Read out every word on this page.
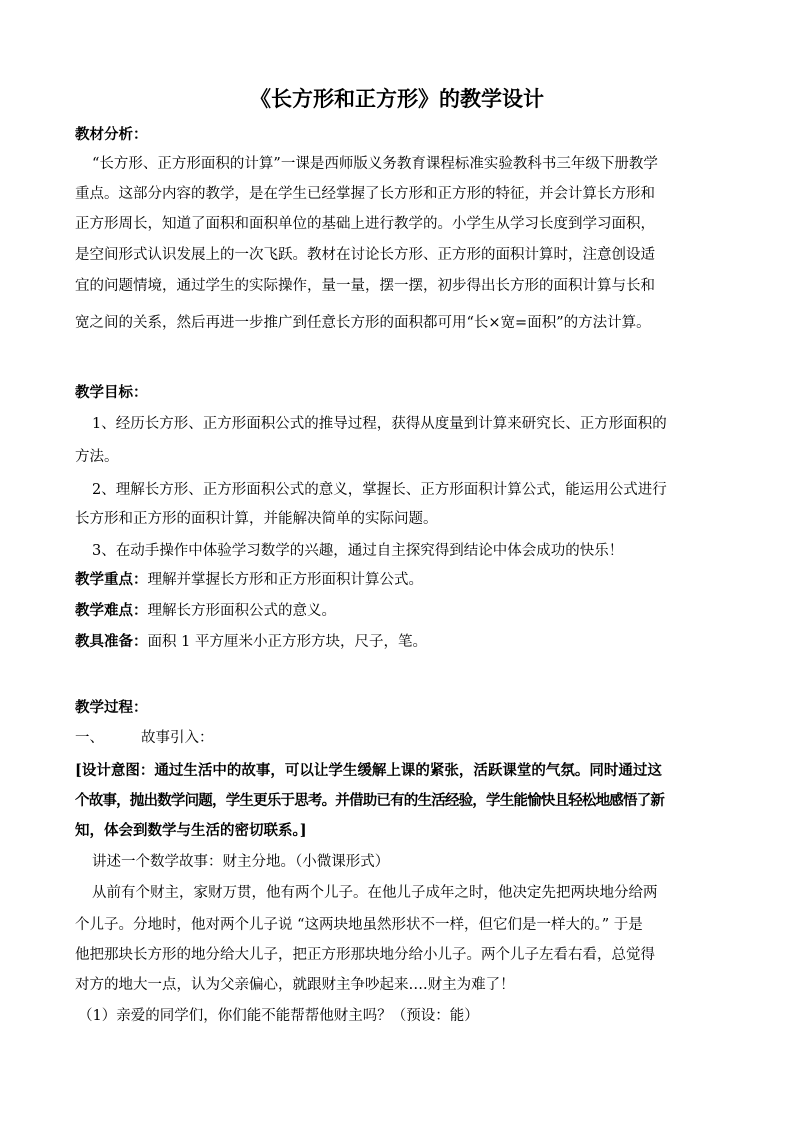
《长方形和正方形》的教学设计
教材分析：
“长方形、正方形面积的计算”一课是西师版义务教育课程标准实验教科书三年级下册教学
重点。这部分内容的教学，是在学生已经掌握了长方形和正方形的特征，并会计算长方形和
正方形周长，知道了面积和面积单位的基础上进行教学的。小学生从学习长度到学习面积，
是空间形式认识发展上的一次飞跃。教材在讨论长方形、正方形的面积计算时，注意创设适
宜的问题情境，通过学生的实际操作，量一量，摆一摆，初步得出长方形的面积计算与长和
宽之间的关系，然后再进一步推广到任意长方形的面积都可用“长×宽=面积”的方法计算。
教学目标：
1、经历长方形、正方形面积公式的推导过程，获得从度量到计算来研究长、正方形面积的
方法。
2、理解长方形、正方形面积公式的意义，掌握长、正方形面积计算公式，能运用公式进行
长方形和正方形的面积计算，并能解决简单的实际问题。
3、在动手操作中体验学习数学的兴趣，通过自主探究得到结论中体会成功的快乐！
教学重点：理解并掌握长方形和正方形面积计算公式。
教学难点：理解长方形面积公式的意义。
教具准备：面积 1 平方厘米小正方形方块，尺子，笔。
教学过程：
一、	故事引入：
[设计意图：通过生活中的故事，可以让学生缓解上课的紧张，活跃课堂的气氛。同时通过这
个故事，抛出数学问题，学生更乐于思考。并借助已有的生活经验，学生能愉快且轻松地感悟了新
知，体会到数学与生活的密切联系。]
讲述一个数学故事：财主分地。（小微课形式）
从前有个财主，家财万贯，他有两个儿子。在他儿子成年之时，他决定先把两块地分给两
个儿子。分地时，他对两个儿子说 “这两块地虽然形状不一样，但它们是一样大的。” 于是
他把那块长方形的地分给大儿子，把正方形那块地分给小儿子。两个儿子左看右看，总觉得
对方的地大一点，认为父亲偏心，就跟财主争吵起来….财主为难了！
（1）亲爱的同学们，你们能不能帮帮他财主吗？（预设：能）
